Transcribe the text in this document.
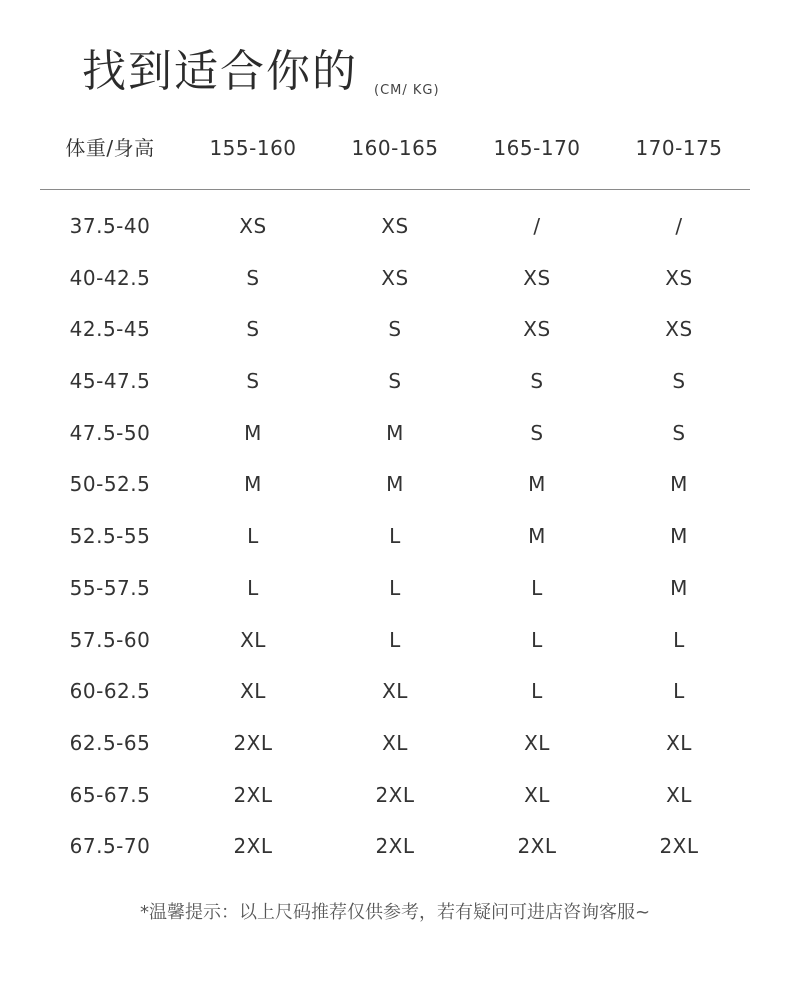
找到适合你的 (CM/ KG)
体重/身高	155-160	160-165	165-170	170-175
37.5-40	XS	XS	/	/
40-42.5	S	XS	XS	XS
42.5-45	S	S	XS	XS
45-47.5	S	S	S	S
47.5-50	M	M	S	S
50-52.5	M	M	M	M
52.5-55	L	L	M	M
55-57.5	L	L	L	M
57.5-60	XL	L	L	L
60-62.5	XL	XL	L	L
62.5-65	2XL	XL	XL	XL
65-67.5	2XL	2XL	XL	XL
67.5-70	2XL	2XL	2XL	2XL
*温馨提示：以上尺码推荐仅供参考，若有疑问可进店咨询客服~
